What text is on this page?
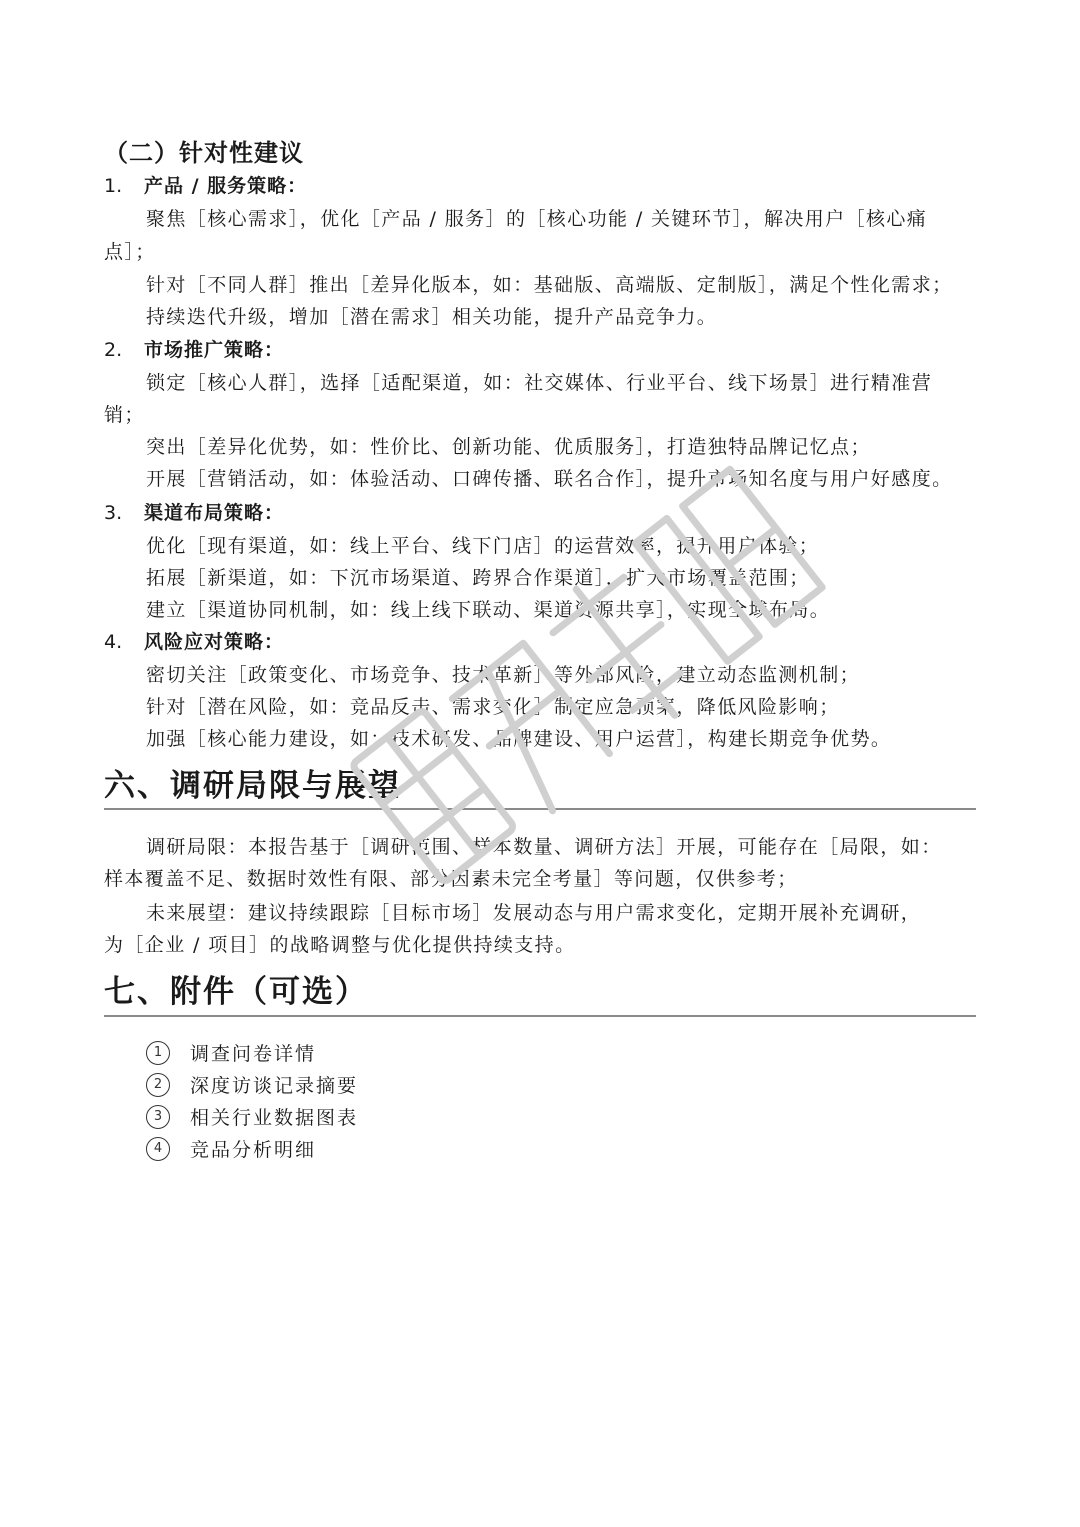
（二）针对性建议
1. 产品 / 服务策略：
聚焦［核心需求］，优化［产品 / 服务］的［核心功能 / 关键环节］，解决用户［核心痛
点］；
针对［不同人群］推出［差异化版本，如：基础版、高端版、定制版］，满足个性化需求；
持续迭代升级，增加［潜在需求］相关功能，提升产品竞争力。
2. 市场推广策略：
锁定［核心人群］，选择［适配渠道，如：社交媒体、行业平台、线下场景］进行精准营
销；
突出［差异化优势，如：性价比、创新功能、优质服务］，打造独特品牌记忆点；
开展［营销活动，如：体验活动、口碑传播、联名合作］，提升市场知名度与用户好感度。
3. 渠道布局策略：
优化［现有渠道，如：线上平台、线下门店］的运营效率，提升用户体验；
拓展［新渠道，如：下沉市场渠道、跨界合作渠道］，扩大市场覆盖范围；
建立［渠道协同机制，如：线上线下联动、渠道资源共享］，实现全域布局。
4. 风险应对策略：
密切关注［政策变化、市场竞争、技术革新］等外部风险，建立动态监测机制；
针对［潜在风险，如：竞品反击、需求变化］制定应急预案，降低风险影响；
加强［核心能力建设，如：技术研发、品牌建设、用户运营］，构建长期竞争优势。
六、调研局限与展望
调研局限：本报告基于［调研范围、样本数量、调研方法］开展，可能存在［局限，如：
样本覆盖不足、数据时效性有限、部分因素未完全考量］等问题，仅供参考；
未来展望：建议持续跟踪［目标市场］发展动态与用户需求变化，定期开展补充调研，
为［企业 / 项目］的战略调整与优化提供持续支持。
七、附件（可选）
1	调查问卷详情
2	深度访谈记录摘要
3	相关行业数据图表
4	竞品分析明细
